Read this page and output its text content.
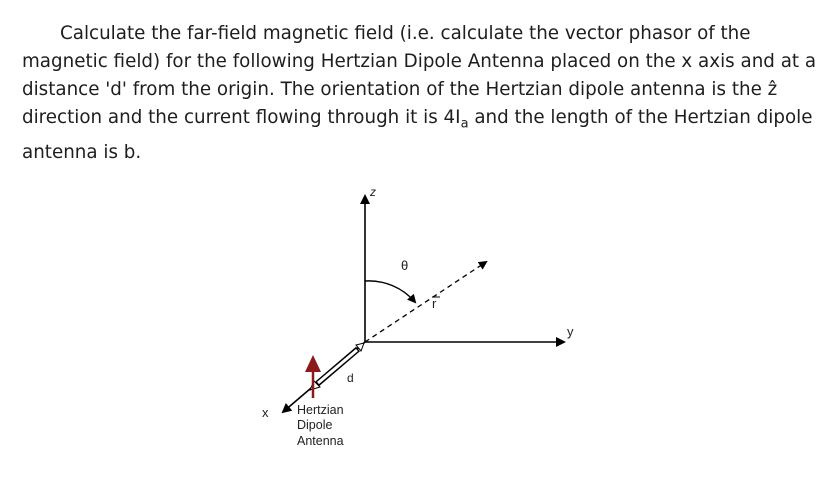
Calculate the far-field magnetic field (i.e. calculate the vector phasor of the
magnetic field) for the following Hertzian Dipole Antenna placed on the x axis and at a
distance 'd' from the origin. The orientation of the Hertzian dipole antenna is the ẑ
direction and the current flowing through it is $4I_a$ and the length of the Hertzian dipole
antenna is b.
z
y
x
r
θ
d
Hertzian
Dipole
Antenna
